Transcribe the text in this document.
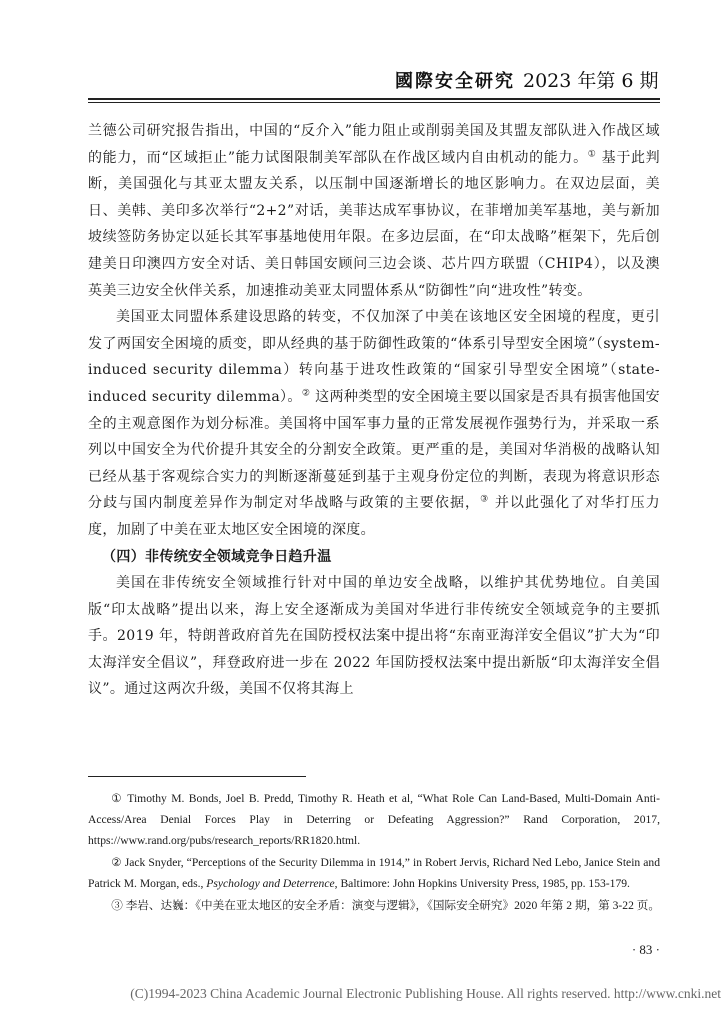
國際安全研究 2023 年第 6 期

兰德公司研究报告指出，中国的“反介入”能力阻止或削弱美国及其盟友部队进入作战区域的能力，而“区域拒止”能力试图限制美军部队在作战区域内自由机动的能力。① 基于此判断，美国强化与其亚太盟友关系，以压制中国逐渐增长的地区影响力。在双边层面，美日、美韩、美印多次举行“2+2”对话，美菲达成军事协议，在菲增加美军基地，美与新加坡续签防务协定以延长其军事基地使用年限。在多边层面，在“印太战略”框架下，先后创建美日印澳四方安全对话、美日韩国安顾问三边会谈、芯片四方联盟（CHIP4），以及澳英美三边安全伙伴关系，加速推动美亚太同盟体系从“防御性”向“进攻性”转变。

美国亚太同盟体系建设思路的转变，不仅加深了中美在该地区安全困境的程度，更引发了两国安全困境的质变，即从经典的基于防御性政策的“体系引导型安全困境”（system-induced security dilemma）转向基于进攻性政策的“国家引导型安全困境”（state-induced security dilemma）。② 这两种类型的安全困境主要以国家是否具有损害他国安全的主观意图作为划分标准。美国将中国军事力量的正常发展视作强势行为，并采取一系列以中国安全为代价提升其安全的分割安全政策。更严重的是，美国对华消极的战略认知已经从基于客观综合实力的判断逐渐蔓延到基于主观身份定位的判断，表现为将意识形态分歧与国内制度差异作为制定对华战略与政策的主要依据，③ 并以此强化了对华打压力度，加剧了中美在亚太地区安全困境的深度。

（四）非传统安全领域竞争日趋升温

美国在非传统安全领域推行针对中国的单边安全战略，以维护其优势地位。自美国版“印太战略”提出以来，海上安全逐渐成为美国对华进行非传统安全领域竞争的主要抓手。2019 年，特朗普政府首先在国防授权法案中提出将“东南亚海洋安全倡议”扩大为“印太海洋安全倡议”，拜登政府进一步在 2022 年国防授权法案中提出新版“印太海洋安全倡议”。通过这两次升级，美国不仅将其海上

① Timothy M. Bonds, Joel B. Predd, Timothy R. Heath et al, “What Role Can Land-Based, Multi-Domain Anti-Access/Area Denial Forces Play in Deterring or Defeating Aggression?” Rand Corporation, 2017, https://www.rand.org/pubs/research_reports/RR1820.html.

② Jack Snyder, “Perceptions of the Security Dilemma in 1914,” in Robert Jervis, Richard Ned Lebo, Janice Stein and Patrick M. Morgan, eds., Psychology and Deterrence, Baltimore: John Hopkins University Press, 1985, pp. 153-179.

③ 李岩、达巍：《中美在亚太地区的安全矛盾：演变与逻辑》，《国际安全研究》2020 年第 2 期，第 3-22 页。

· 83 ·
(C)1994-2023 China Academic Journal Electronic Publishing House. All rights reserved. http://www.cnki.net
